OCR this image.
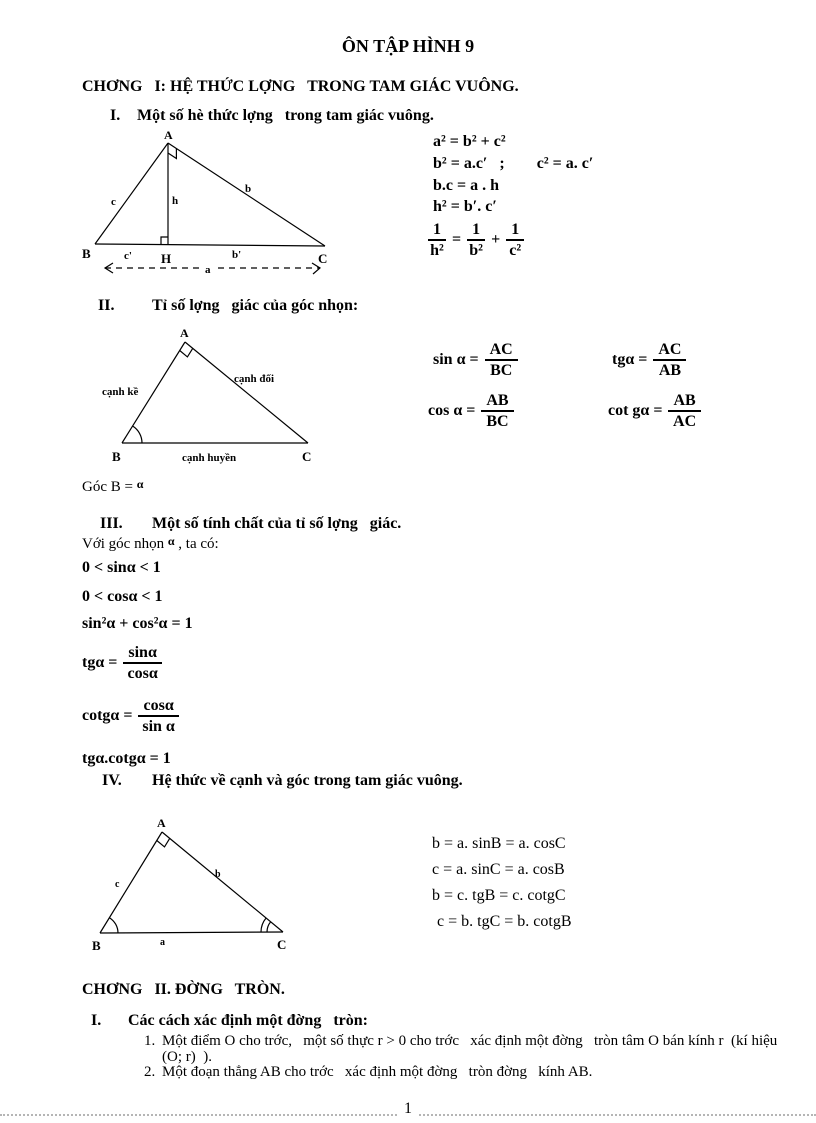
ÔN TẬP HÌNH 9
CHƠNG   I: HỆ THỨC LỢNG   TRONG TAM GIÁC VUÔNG.
I.	Một số hè thức lợng   trong tam giác vuông.
A
B	C
H
c	h
b
c'	b'
a
a² = b² + c²
b² = a.c′   ;        c² = a. c′
b.c = a . h
h² = b′. c′
$\frac{1}{\text{h²}} = \frac{1}{\text{b²}} + \frac{1}{\text{c²}}$
II.	Tỉ số lợng   giác của góc nhọn:
A
B	C
cạnh kề
cạnh đối
cạnh huyền
$\sin \alpha = \frac{AC}{BC}$	$tg\alpha = \frac{AC}{AB}$
$\cos \alpha = \frac{AB}{BC}$	$\cot g\alpha = \frac{AB}{AC}$
Góc B = $^\alpha$
III.	Một số tính chất của tỉ số lợng   giác.
Với góc nhọn $^\alpha$ , ta có:
0 < sinα < 1
0 < cosα < 1
sin²α + cos²α = 1
$tg\alpha = \frac{\sin\alpha}{\cos\alpha}$
$\cot g\alpha = \frac{\cos\alpha}{\text{sin α}}$
tgα.cotgα = 1
IV.	Hệ thức về cạnh và góc trong tam giác vuông.
A
B	C
c
b
a
b = a. sinB = a. cosC
c = a. sinC = a. cosB
b = c. tgB = c. cotgC
c = b. tgC = b. cotgB
CHƠNG   II. ĐỜNG   TRÒN.
I.	Các cách xác định một đờng   tròn:
1. Một điểm O cho trớc,   một số thực r > 0 cho trớc   xác định một đờng   tròn tâm O bán kính r  (kí hiệu (O; r)  ).
2. Một đoạn thẳng AB cho trớc   xác định một đờng   tròn đờng   kính AB.
1
